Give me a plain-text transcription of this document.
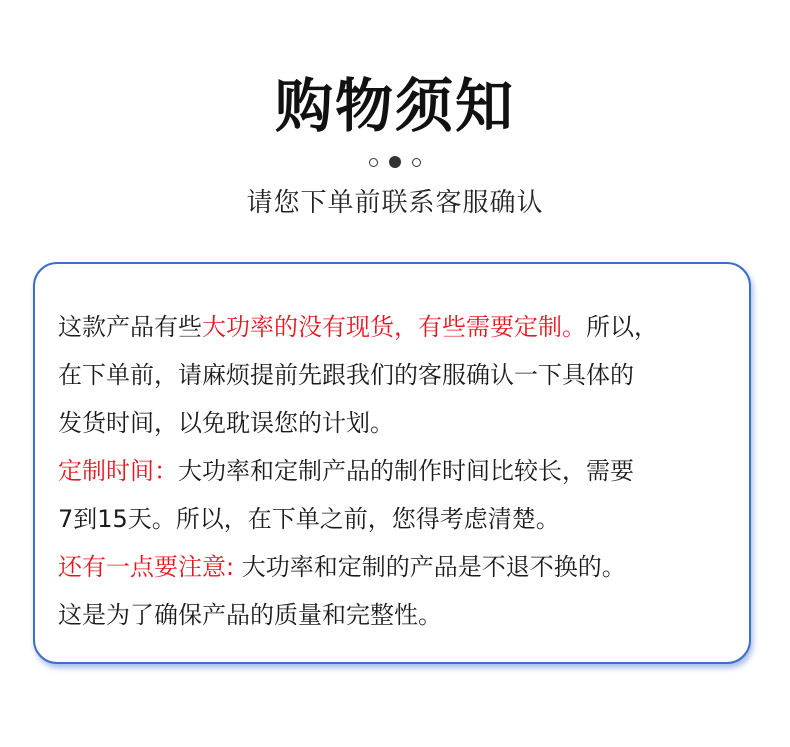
购物须知
请您下单前联系客服确认

这款产品有些大功率的没有现货，有些需要定制。所以，

在下单前，请麻烦提前先跟我们的客服确认一下具体的

发货时间，以免耽误您的计划。

定制时间：大功率和定制产品的制作时间比较长，需要

7到15天。所以，在下单之前，您得考虑清楚。

还有一点要注意: 大功率和定制的产品是不退不换的。

这是为了确保产品的质量和完整性。
